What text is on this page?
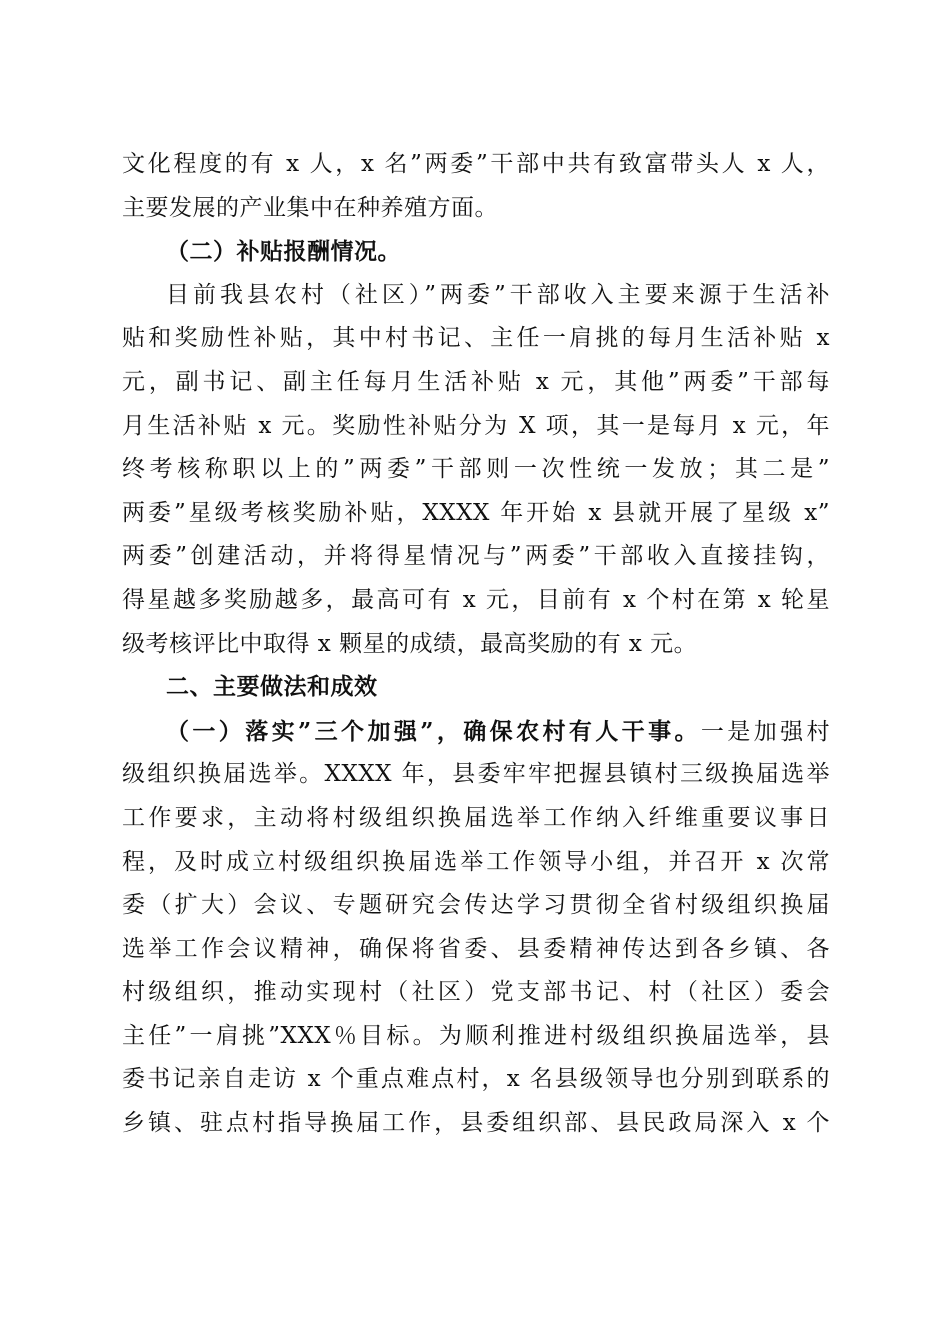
文化程度的有 x 人，x 名”两委”干部中共有致富带头人 x 人，
主要发展的产业集中在种养殖方面。
（二）补贴报酬情况。
目前我县农村（社区）”两委”干部收入主要来源于生活补
贴和奖励性补贴，其中村书记、主任一肩挑的每月生活补贴 x
元，副书记、副主任每月生活补贴 x 元，其他”两委”干部每
月生活补贴 x 元。奖励性补贴分为 X 项，其一是每月 x 元，年
终考核称职以上的”两委”干部则一次性统一发放；其二是”
两委”星级考核奖励补贴，XXXX 年开始 x 县就开展了星级 x”
两委”创建活动，并将得星情况与”两委”干部收入直接挂钩，
得星越多奖励越多，最高可有 x 元，目前有 x 个村在第 x 轮星
级考核评比中取得 x 颗星的成绩，最高奖励的有 x 元。
二、主要做法和成效
（一）落实”三个加强”，确保农村有人干事。一是加强村
级组织换届选举。XXXX 年，县委牢牢把握县镇村三级换届选举
工作要求，主动将村级组织换届选举工作纳入纤维重要议事日
程，及时成立村级组织换届选举工作领导小组，并召开 x 次常
委（扩大）会议、专题研究会传达学习贯彻全省村级组织换届
选举工作会议精神，确保将省委、县委精神传达到各乡镇、各
村级组织，推动实现村（社区）党支部书记、村（社区）委会
主任”一肩挑”XXX％目标。为顺利推进村级组织换届选举，县
委书记亲自走访 x 个重点难点村，x 名县级领导也分别到联系的
乡镇、驻点村指导换届工作，县委组织部、县民政局深入 x 个
